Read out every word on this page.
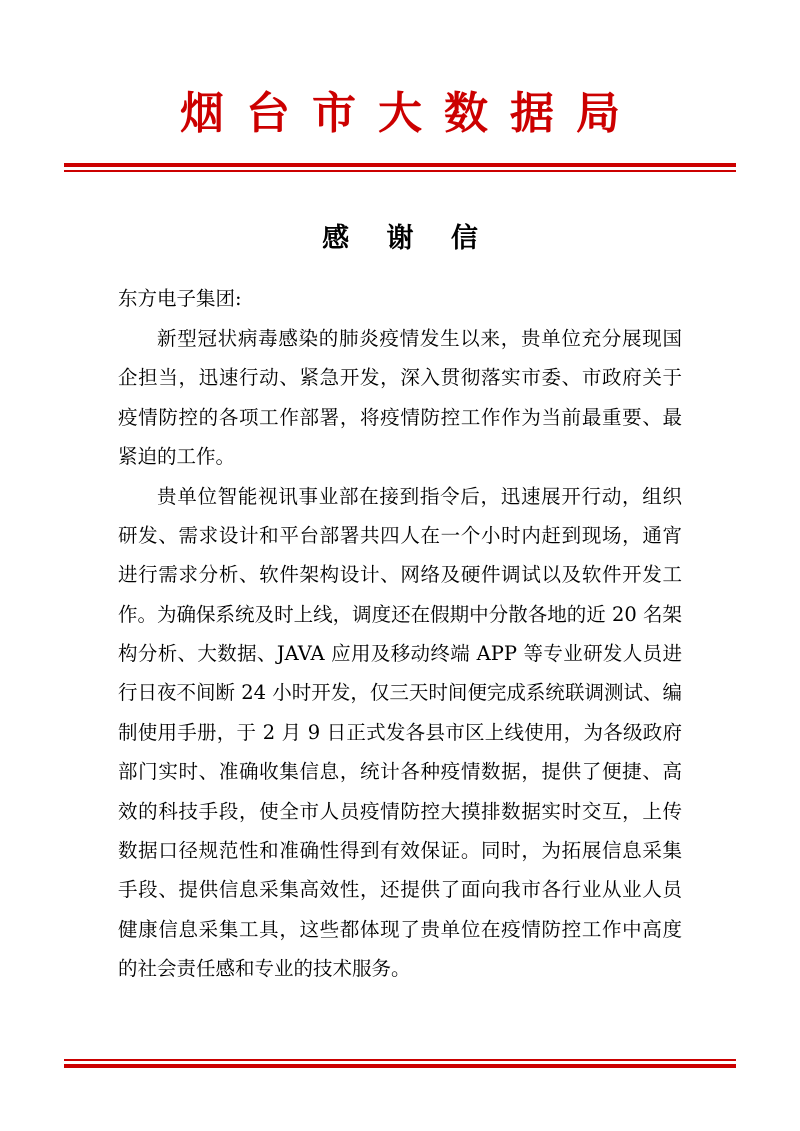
烟台市大数据局
感 谢 信
东方电子集团:

新型冠状病毒感染的肺炎疫情发生以来，贵单位充分展现国企担当，迅速行动、紧急开发，深入贯彻落实市委、市政府关于疫情防控的各项工作部署，将疫情防控工作作为当前最重要、最紧迫的工作。

贵单位智能视讯事业部在接到指令后，迅速展开行动，组织研发、需求设计和平台部署共四人在一个小时内赶到现场，通宵进行需求分析、软件架构设计、网络及硬件调试以及软件开发工作。为确保系统及时上线，调度还在假期中分散各地的近 20 名架构分析、大数据、JAVA 应用及移动终端 APP 等专业研发人员进行日夜不间断 24 小时开发，仅三天时间便完成系统联调测试、编制使用手册，于 2 月 9 日正式发各县市区上线使用，为各级政府部门实时、准确收集信息，统计各种疫情数据，提供了便捷、高效的科技手段，使全市人员疫情防控大摸排数据实时交互，上传数据口径规范性和准确性得到有效保证。同时，为拓展信息采集手段、提供信息采集高效性，还提供了面向我市各行业从业人员健康信息采集工具，这些都体现了贵单位在疫情防控工作中高度的社会责任感和专业的技术服务。
